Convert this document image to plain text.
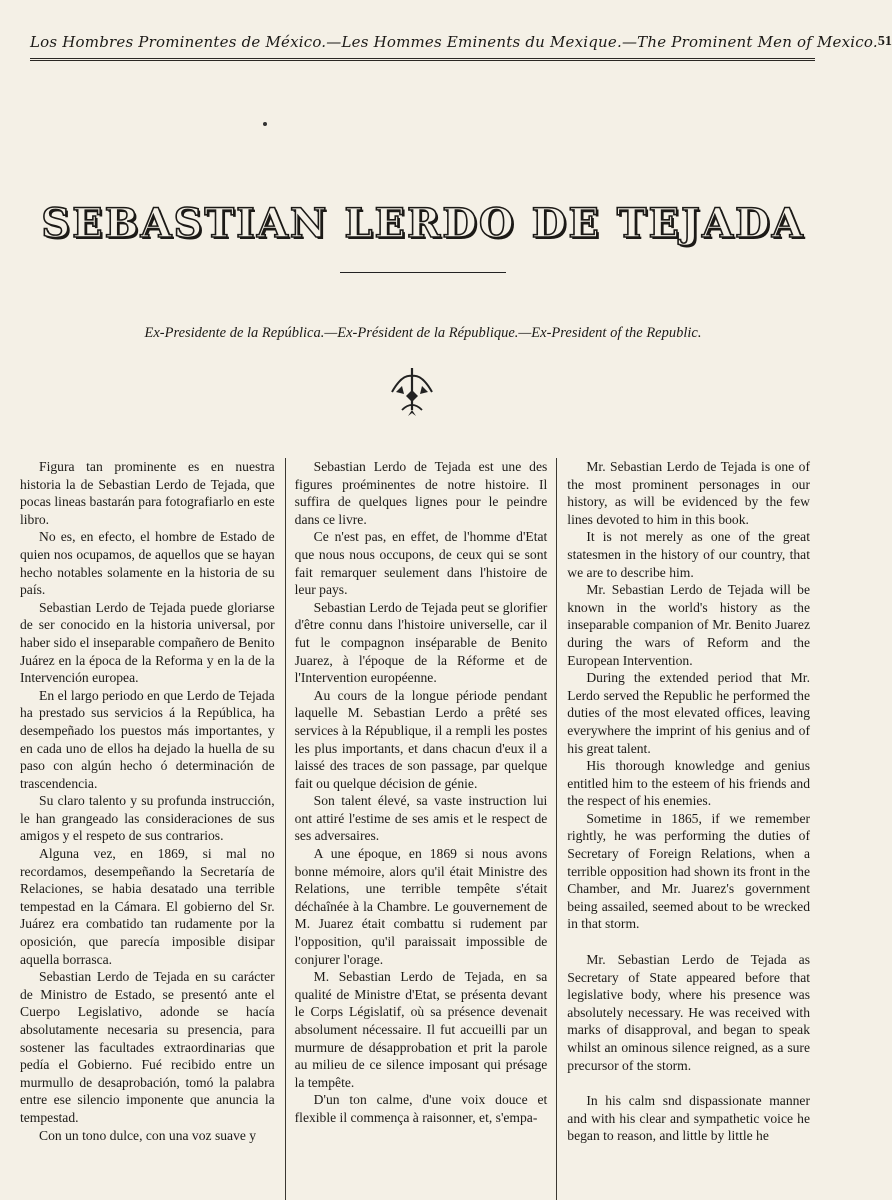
Los Hombres Prominentes de México.—Les Hommes Eminents du Mexique.—The Prominent Men of Mexico. 51
SEBASTIAN LERDO DE TEJADA
Ex-Presidente de la República.—Ex-Président de la République.—Ex-President of the Republic.

Figura tan prominente es en nuestra historia la de Sebastian Lerdo de Tejada, que pocas lineas bastarán para fotografiarlo en este libro.

No es, en efecto, el hombre de Estado de quien nos ocupamos, de aquellos que se hayan hecho notables solamente en la historia de su país.

Sebastian Lerdo de Tejada puede gloriarse de ser conocido en la historia universal, por haber sido el inseparable compañero de Benito Juárez en la época de la Reforma y en la de la Intervención europea.

En el largo periodo en que Lerdo de Tejada ha prestado sus servicios á la República, ha desempeñado los puestos más importantes, y en cada uno de ellos ha dejado la huella de su paso con algún hecho ó determinación de trascendencia.

Su claro talento y su profunda instrucción, le han grangeado las consideraciones de sus amigos y el respeto de sus contrarios.

Alguna vez, en 1869, si mal no recordamos, desempeñando la Secretaría de Relaciones, se habia desatado una terrible tempestad en la Cámara. El gobierno del Sr. Juárez era combatido tan rudamente por la oposición, que parecía imposible disipar aquella borrasca.

Sebastian Lerdo de Tejada en su carácter de Ministro de Estado, se presentó ante el Cuerpo Legislativo, adonde se hacía absolutamente necesaria su presencia, para sostener las facultades extraordinarias que pedía el Gobierno. Fué recibido entre un murmullo de desaprobación, tomó la palabra entre ese silencio imponente que anuncia la tempestad.

Con un tono dulce, con una voz suave y

Sebastian Lerdo de Tejada est une des figures proéminentes de notre histoire. Il suffira de quelques lignes pour le peindre dans ce livre.

Ce n'est pas, en effet, de l'homme d'Etat que nous nous occupons, de ceux qui se sont fait remarquer seulement dans l'histoire de leur pays.

Sebastian Lerdo de Tejada peut se glorifier d'être connu dans l'histoire universelle, car il fut le compagnon inséparable de Benito Juarez, à l'époque de la Réforme et de l'Intervention européenne.

Au cours de la longue période pendant laquelle M. Sebastian Lerdo a prêté ses services à la République, il a rempli les postes les plus importants, et dans chacun d'eux il a laissé des traces de son passage, par quelque fait ou quelque décision de génie.

Son talent élevé, sa vaste instruction lui ont attiré l'estime de ses amis et le respect de ses adversaires.

A une époque, en 1869 si nous avons bonne mémoire, alors qu'il était Ministre des Relations, une terrible tempête s'était déchaînée à la Chambre. Le gouvernement de M. Juarez était combattu si rudement par l'opposition, qu'il paraissait impossible de conjurer l'orage.

M. Sebastian Lerdo de Tejada, en sa qualité de Ministre d'Etat, se présenta devant le Corps Législatif, où sa présence devenait absolument nécessaire. Il fut accueilli par un murmure de désapprobation et prit la parole au milieu de ce silence imposant qui présage la tempête.

D'un ton calme, d'une voix douce et flexible il commença à raisonner, et, s'empa-

Mr. Sebastian Lerdo de Tejada is one of the most prominent personages in our history, as will be evidenced by the few lines devoted to him in this book.

It is not merely as one of the great statesmen in the history of our country, that we are to describe him.

Mr. Sebastian Lerdo de Tejada will be known in the world's history as the inseparable companion of Mr. Benito Juarez during the wars of Reform and the European Intervention.

During the extended period that Mr. Lerdo served the Republic he performed the duties of the most elevated offices, leaving everywhere the imprint of his genius and of his great talent.

His thorough knowledge and genius entitled him to the esteem of his friends and the respect of his enemies.

Sometime in 1865, if we remember rightly, he was performing the duties of Secretary of Foreign Relations, when a terrible opposition had shown its front in the Chamber, and Mr. Juarez's government being assailed, seemed about to be wrecked in that storm.

Mr. Sebastian Lerdo de Tejada as Secretary of State appeared before that legislative body, where his presence was absolutely necessary. He was received with marks of disapproval, and began to speak whilst an ominous silence reigned, as a sure precursor of the storm.

In his calm snd dispassionate manner and with his clear and sympathetic voice he began to reason, and little by little he
